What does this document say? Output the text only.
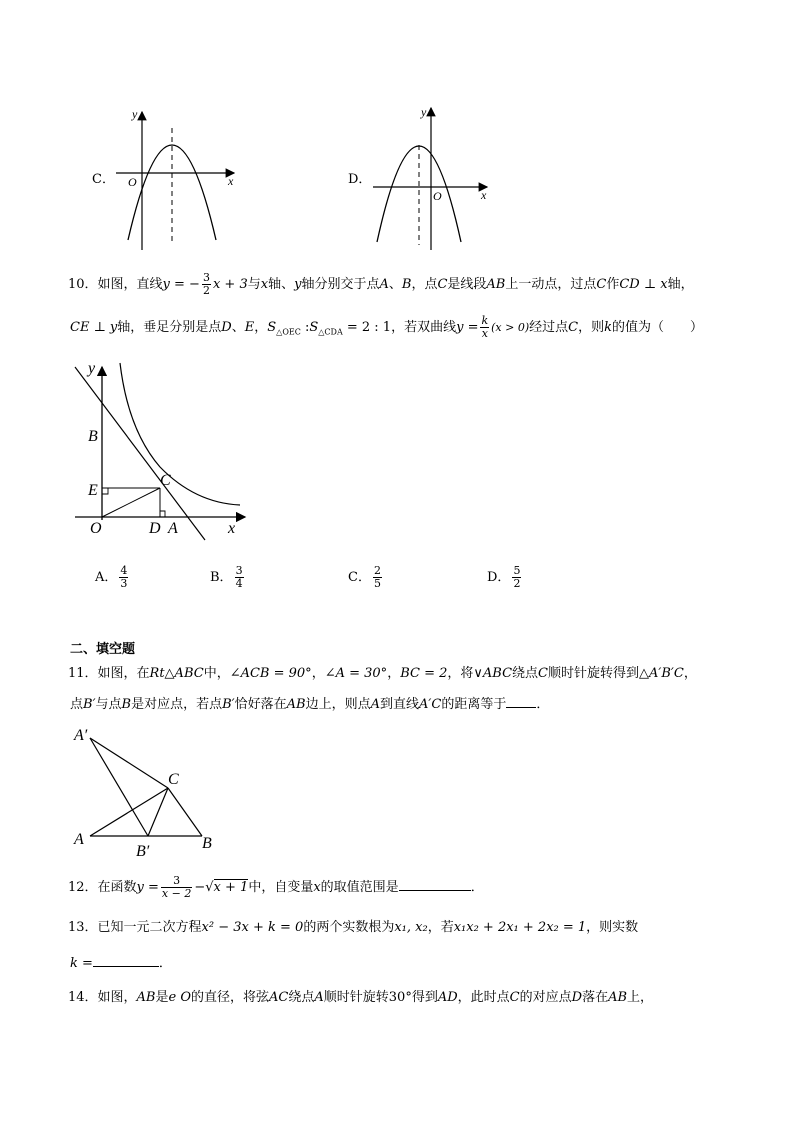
C．
y
x
O	D．
y
x
O
10．如图，直线y = − $\frac{3}{2}$ x + 3与x轴、y轴分别交于点A、B，点C是线段AB上一动点，过点C作CD ⊥ x轴，
CE ⊥ y轴，垂足分别是点D、E，$S_{\triangle OEC}$ $:S_{\triangle CDA} = 2$ : 1，若双曲线$y = \frac{k}{x} (x > 0)$经过点C，则k的值为（　　）
y
B
E
C
O	D A	x
A． $\frac{4}{3}$	B． $\frac{3}{4}$	C． $\frac{2}{5}$	D． $\frac{5}{2}$
二、填空题
11．如图，在Rt△ABC中，∠ACB = 90°，∠A = 30°，BC = 2，将∨ABC绕点C顺时针旋转得到△A′B′C，
点B′与点B是对应点，若点B′恰好落在AB边上，则点A到直线A′C的距离等于 ．
A′
C
A
B′	B
12．在函数$y = \frac{3}{x - 2} -√x + 1$中，自变量x的取值范围是	．
13．已知一元二次方程x² − 3x + k = 0的两个实数根为x₁, x₂，若x₁x₂ + 2x₁ + 2x₂ = 1，则实数
k =	．
14．如图，AB是e O的直径，将弦AC绕点A顺时针旋转30°得到AD，此时点C的对应点D落在AB上，
